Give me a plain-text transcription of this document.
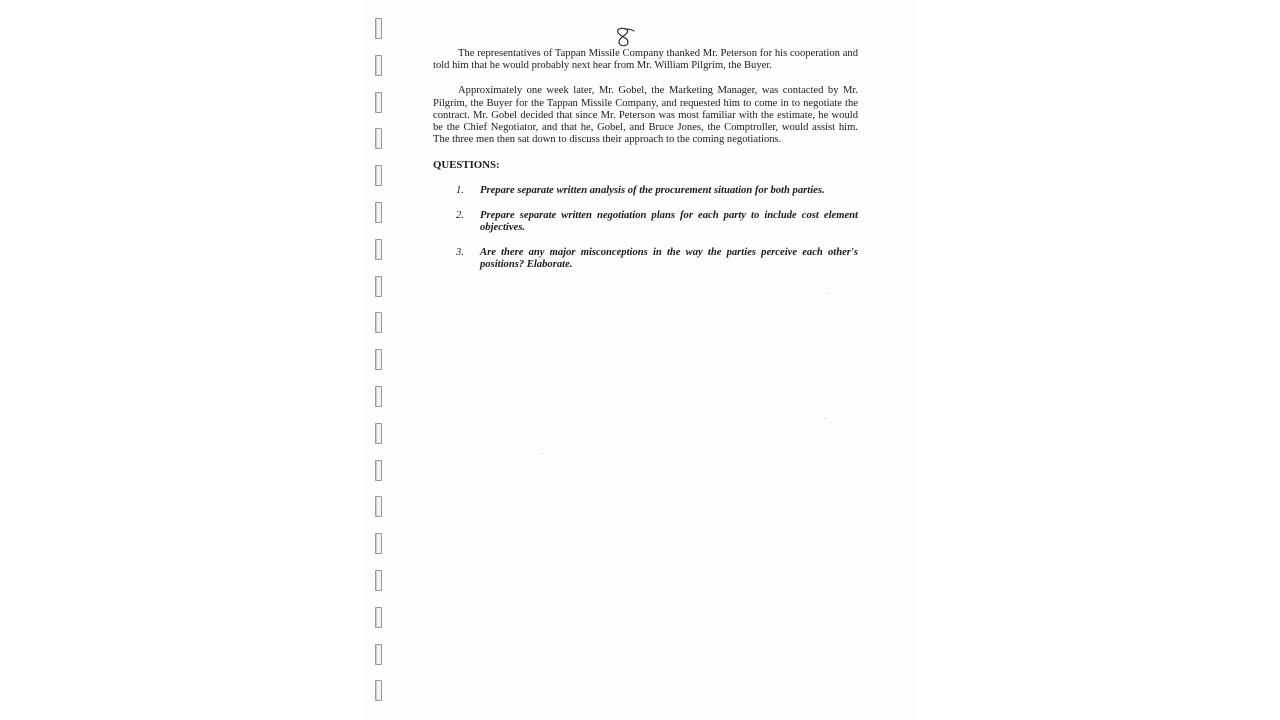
The representatives of Tappan Missile Company thanked Mr. Peterson for his cooperation and told him that he would probably next hear from Mr. William Pilgrim, the Buyer.

Approximately one week later, Mr. Gobel, the Marketing Manager, was contacted by Mr. Pilgrim, the Buyer for the Tappan Missile Company, and requested him to come in to negotiate the contract. Mr. Gobel decided that since Mr. Peterson was most familiar with the estimate, he would be the Chief Negotiator, and that he, Gobel, and Bruce Jones, the Comptroller, would assist him. The three men then sat down to discuss their approach to the coming negotiations.

QUESTIONS:
1. Prepare separate written analysis of the procurement situation for both parties.
2. Prepare separate written negotiation plans for each party to include cost element objectives.
3. Are there any major misconceptions in the way the parties perceive each other's positions? Elaborate.
